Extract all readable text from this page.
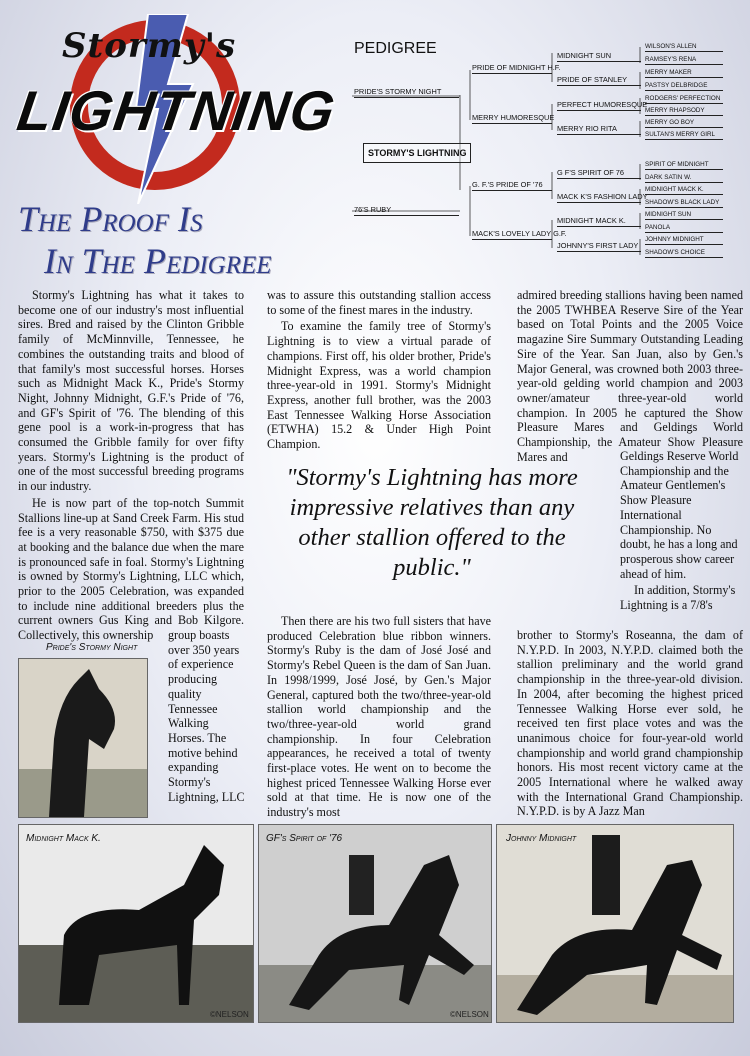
Stormy's
LIGHTNING
The Proof Is
In The Pedigree
PEDIGREE
STORMY'S LIGHTNING
PRIDE'S STORMY NIGHT
76'S RUBY
PRIDE OF MIDNIGHT H.F.
MERRY HUMORESQUE
G. F.'S PRIDE OF '76
MACK'S LOVELY LADY G.F.
MIDNIGHT SUN
PRIDE OF STANLEY
PERFECT HUMORESQUE
MERRY RIO RITA
G F'S SPIRIT OF 76
MACK K'S FASHION LADY
MIDNIGHT MACK K.
JOHNNY'S FIRST LADY
WILSON'S ALLEN
RAMSEY'S RENA
MERRY MAKER
PASTSY DELBRIDGE
RODGERS' PERFECTION
MERRY RHAPSODY
MERRY GO BOY
SULTAN'S MERRY GIRL
SPIRIT OF MIDNIGHT
DARK SATIN W.
MIDNIGHT MACK K.
SHADOW'S BLACK LADY
MIDNIGHT SUN
PANOLA
JOHNNY MIDNIGHT
SHADOW'S CHOICE

Stormy's Lightning has what it takes to become one of our industry's most influential sires. Bred and raised by the Clinton Gribble family of McMinnville, Tennessee, he combines the outstanding traits and blood of that family's most successful horses. Horses such as Midnight Mack K., Pride's Stormy Night, Johnny Midnight, G.F.'s Pride of '76, and GF's Spirit of '76. The blending of this gene pool is a work-in-progress that has consumed the Gribble family for over fifty years. Stormy's Lightning is the product of one of the most successful breeding programs in our industry.

He is now part of the top-notch Summit Stallions line-up at Sand Creek Farm. His stud fee is a very reasonable $750, with $375 due at booking and the balance due when the mare is pronounced safe in foal. Stormy's Lightning is owned by Stormy's Lightning, LLC which, prior to the 2005 Celebration, was expanded to include nine additional breeders plus the current owners Gus King and Bob Kilgore. Collectively, this ownership	group boasts over 350 years of experience producing quality Tennessee Walking Horses. The motive behind expanding Stormy's Lightning, LLC

Pride's Stormy Night

was to assure this outstanding stallion access to some of the finest mares in the industry.

To examine the family tree of Stormy's Lightning is to view a virtual parade of champions. First off, his older brother, Pride's Midnight Express, was a world champion three-year-old in 1991. Stormy's Midnight Express, another full brother, was the 2003 East Tennessee Walking Horse Association (ETWHA) 15.2 & Under High Point Champion.

Then there are his two full sisters that have produced Celebration blue ribbon winners. Stormy's Ruby is the dam of José José and Stormy's Rebel Queen is the dam of San Juan. In 1998/1999, José José, by Gen.'s Major General, captured both the two/three-year-old stallion world championship and the two/three-year-old world grand championship. In four Celebration appearances, he received a total of twenty first-place votes. He went on to become the highest priced Tennessee Walking Horse ever sold at that time. He is now one of the industry's most

admired breeding stallions having been named the 2005 TWHBEA Reserve Sire of the Year based on Total Points and the 2005 Voice magazine Sire Summary Outstanding Leading Sire of the Year. San Juan, also by Gen.'s Major General, was crowned both 2003 three-year-old gelding world champion and 2003 owner/amateur three-year-old world champion. In 2005 he captured the Show Pleasure Mares and Geldings World Championship, the Amateur Show Pleasure Mares and	Geldings Reserve World Championship and the Amateur Gentlemen's Show Pleasure International Championship. No doubt, he has a long and prosperous show career ahead of him.

In addition, Stormy's Lightning is a 7/8's

brother to Stormy's Roseanna, the dam of N.Y.P.D. In 2003, N.Y.P.D. claimed both the stallion preliminary and the world grand championship in the three-year-old division. In 2004, after becoming the highest priced Tennessee Walking Horse ever sold, he received ten first place votes and was the unanimous choice for four-year-old world championship and world grand championship honors. His most recent victory came at the 2005 International where he walked away with the International Grand Championship. N.Y.P.D. is by A Jazz Man

"Stormy's Lightning has more impressive relatives than any other stallion offered to the public."
Midnight Mack K.
©NELSON
GF's Spirit of '76
©NELSON
Johnny Midnight
